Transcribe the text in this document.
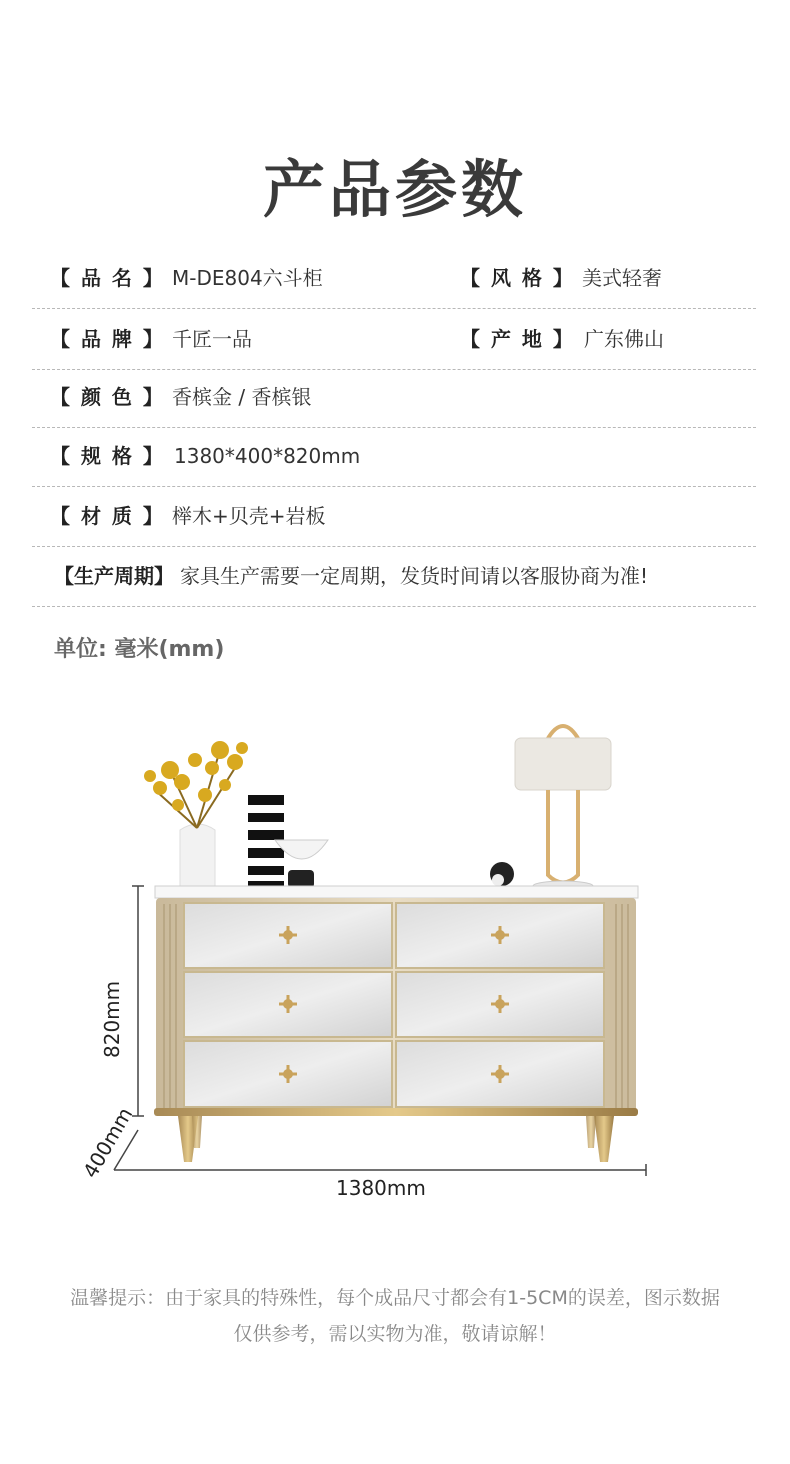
产品参数
【 品 名 】 M-DE804六斗柜	【 风 格 】 美式轻奢
【 品 牌 】 千匠一品	【 产 地 】 广东佛山
【 颜 色 】 香槟金 / 香槟银
【 规 格 】 1380*400*820mm
【 材 质 】 榉木+贝壳+岩板
【生产周期】 家具生产需要一定周期，发货时间请以客服协商为准!
单位: 毫米(mm)
820mm
400mm
1380mm
温馨提示：由于家具的特殊性，每个成品尺寸都会有1-5CM的误差，图示数据
仅供参考，需以实物为准，敬请谅解！
